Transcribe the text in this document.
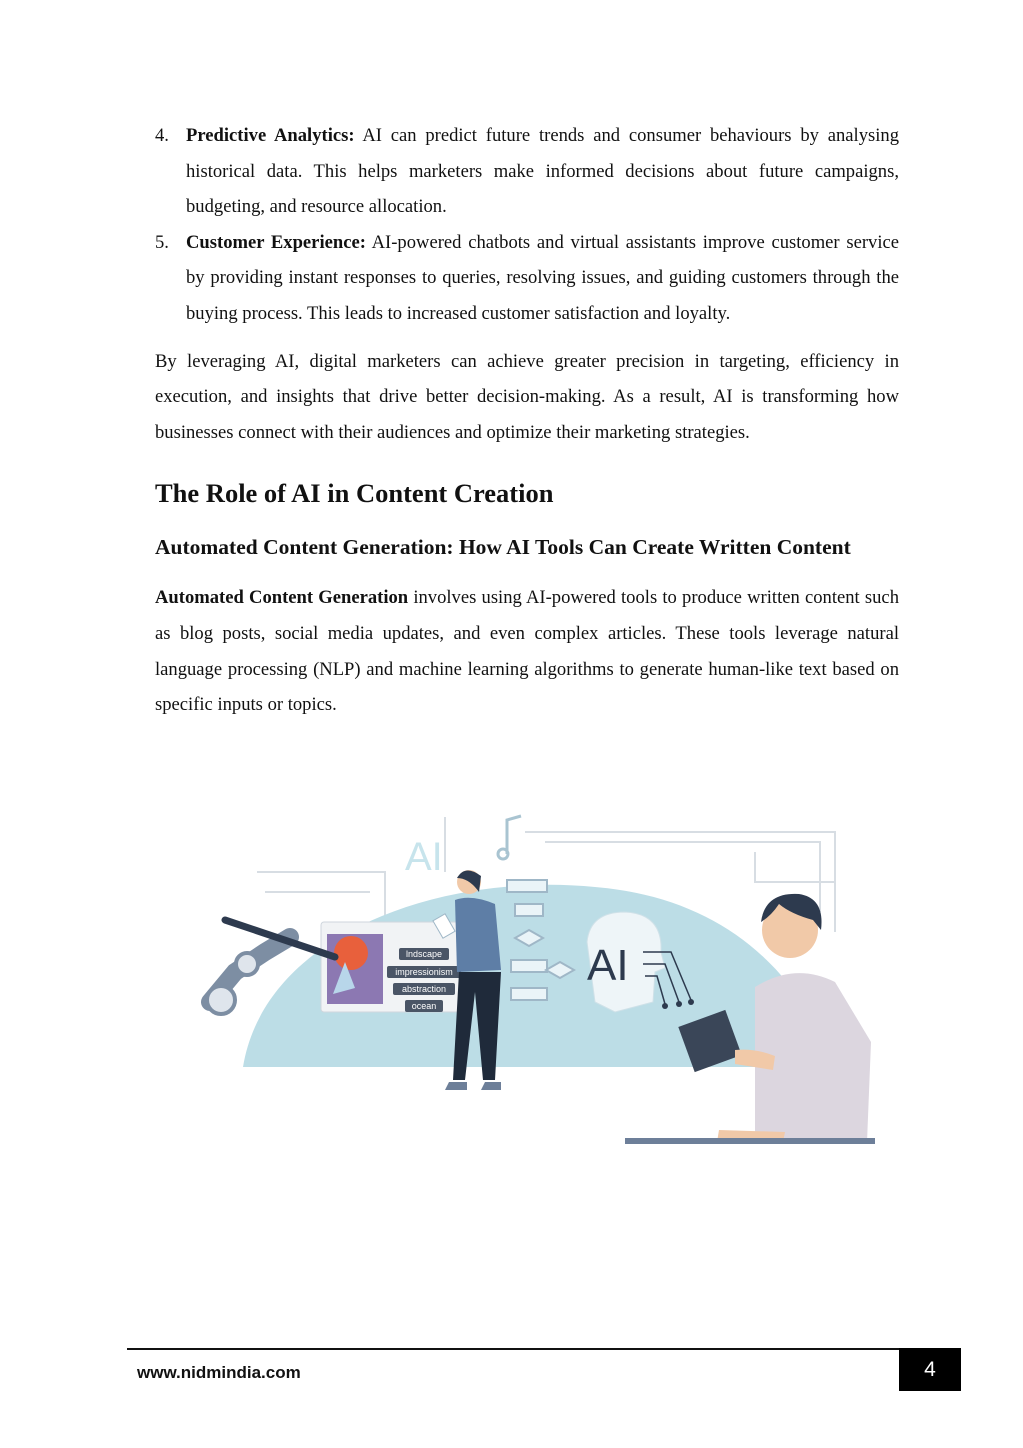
4. Predictive Analytics: AI can predict future trends and consumer behaviours by analysing historical data. This helps marketers make informed decisions about future campaigns, budgeting, and resource allocation.
5. Customer Experience: AI-powered chatbots and virtual assistants improve customer service by providing instant responses to queries, resolving issues, and guiding customers through the buying process. This leads to increased customer satisfaction and loyalty.

By leveraging AI, digital marketers can achieve greater precision in targeting, efficiency in execution, and insights that drive better decision-making. As a result, AI is transforming how businesses connect with their audiences and optimize their marketing strategies.

The Role of AI in Content Creation
Automated Content Generation: How AI Tools Can Create Written Content

Automated Content Generation involves using AI-powered tools to produce written content such as blog posts, social media updates, and even complex articles. These tools leverage natural language processing (NLP) and machine learning algorithms to generate human-like text based on specific inputs or topics.

AI
lndscape
impressionism
abstraction
ocean
AI
www.nidmindia.com	4
